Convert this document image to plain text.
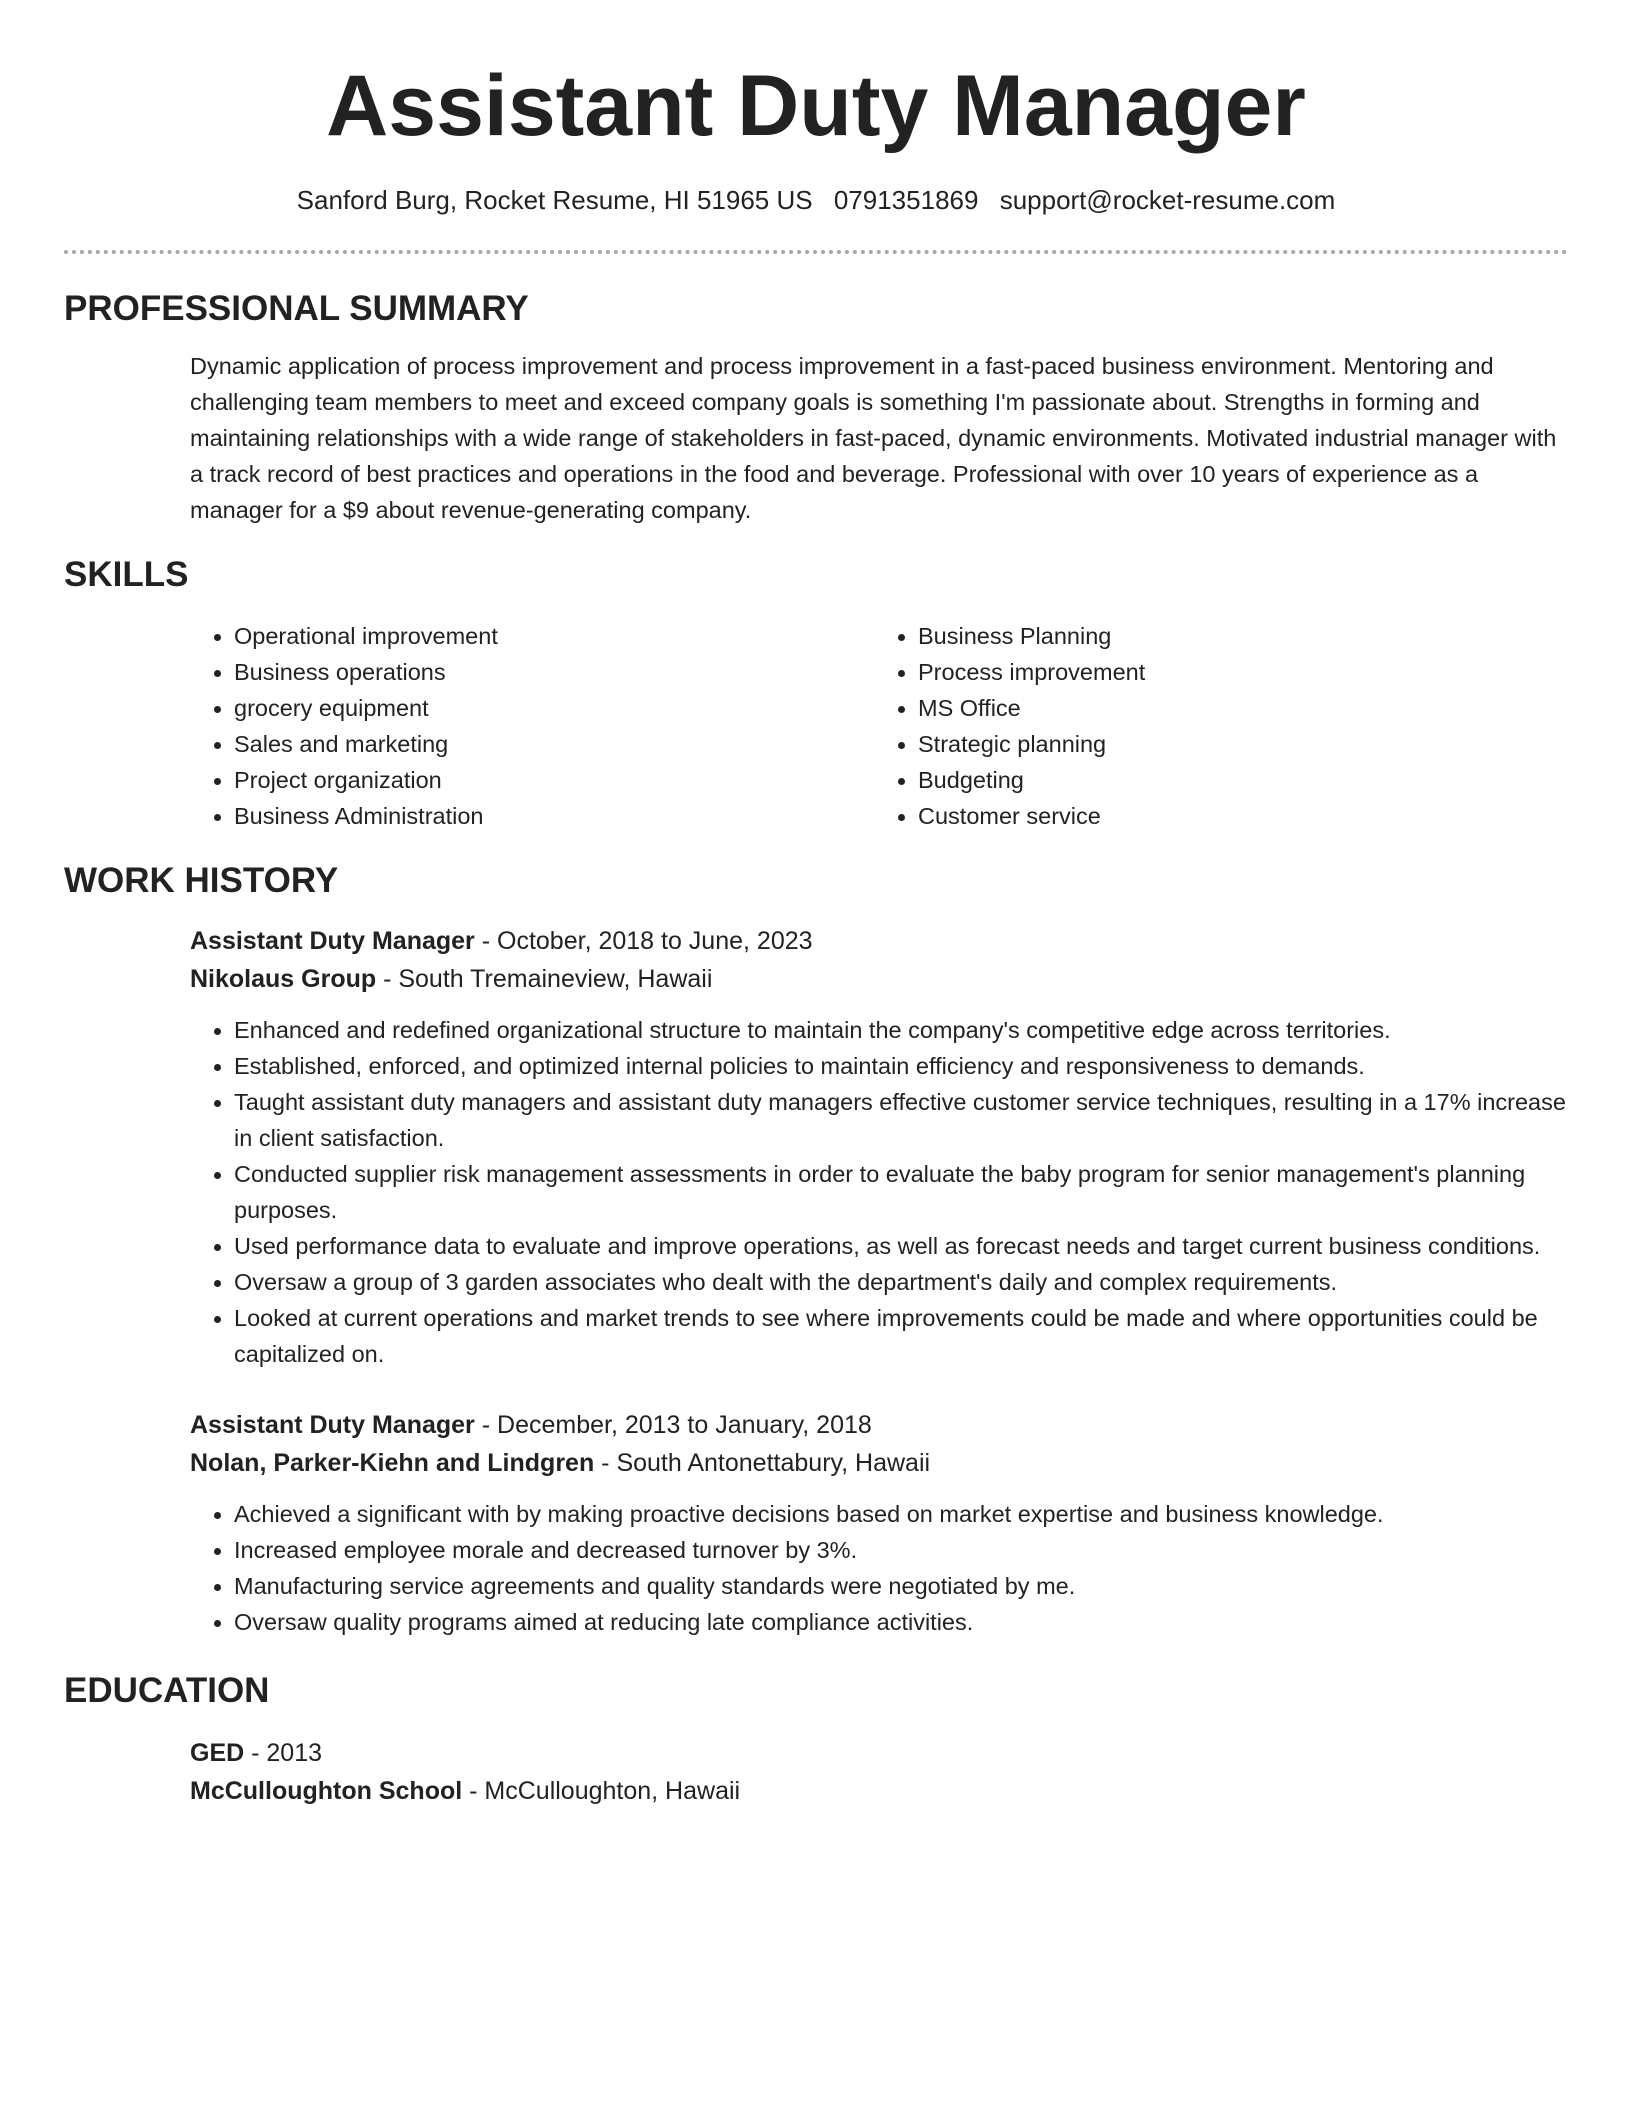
Assistant Duty Manager
Sanford Burg, Rocket Resume, HI 51965 US 0791351869 support@rocket-resume.com
PROFESSIONAL SUMMARY
Dynamic application of process improvement and process improvement in a fast-paced business environment. Mentoring and challenging team members to meet and exceed company goals is something I'm passionate about. Strengths in forming and maintaining relationships with a wide range of stakeholders in fast-paced, dynamic environments. Motivated industrial manager with a track record of best practices and operations in the food and beverage. Professional with over 10 years of experience as a manager for a $9 about revenue-generating company.
SKILLS
• Operational improvement
• Business operations
• grocery equipment
• Sales and marketing
• Project organization
• Business Administration
• Business Planning
• Process improvement
• MS Office
• Strategic planning
• Budgeting
• Customer service
WORK HISTORY
Assistant Duty Manager - October, 2018 to June, 2023
Nikolaus Group - South Tremaineview, Hawaii
• Enhanced and redefined organizational structure to maintain the company's competitive edge across territories.
• Established, enforced, and optimized internal policies to maintain efficiency and responsiveness to demands.
• Taught assistant duty managers and assistant duty managers effective customer service techniques, resulting in a 17% increase in client satisfaction.
• Conducted supplier risk management assessments in order to evaluate the baby program for senior management's planning purposes.
• Used performance data to evaluate and improve operations, as well as forecast needs and target current business conditions.
• Oversaw a group of 3 garden associates who dealt with the department's daily and complex requirements.
• Looked at current operations and market trends to see where improvements could be made and where opportunities could be capitalized on.
Assistant Duty Manager - December, 2013 to January, 2018
Nolan, Parker-Kiehn and Lindgren - South Antonettabury, Hawaii
• Achieved a significant with by making proactive decisions based on market expertise and business knowledge.
• Increased employee morale and decreased turnover by 3%.
• Manufacturing service agreements and quality standards were negotiated by me.
• Oversaw quality programs aimed at reducing late compliance activities.
EDUCATION
GED - 2013
McCulloughton School - McCulloughton, Hawaii
